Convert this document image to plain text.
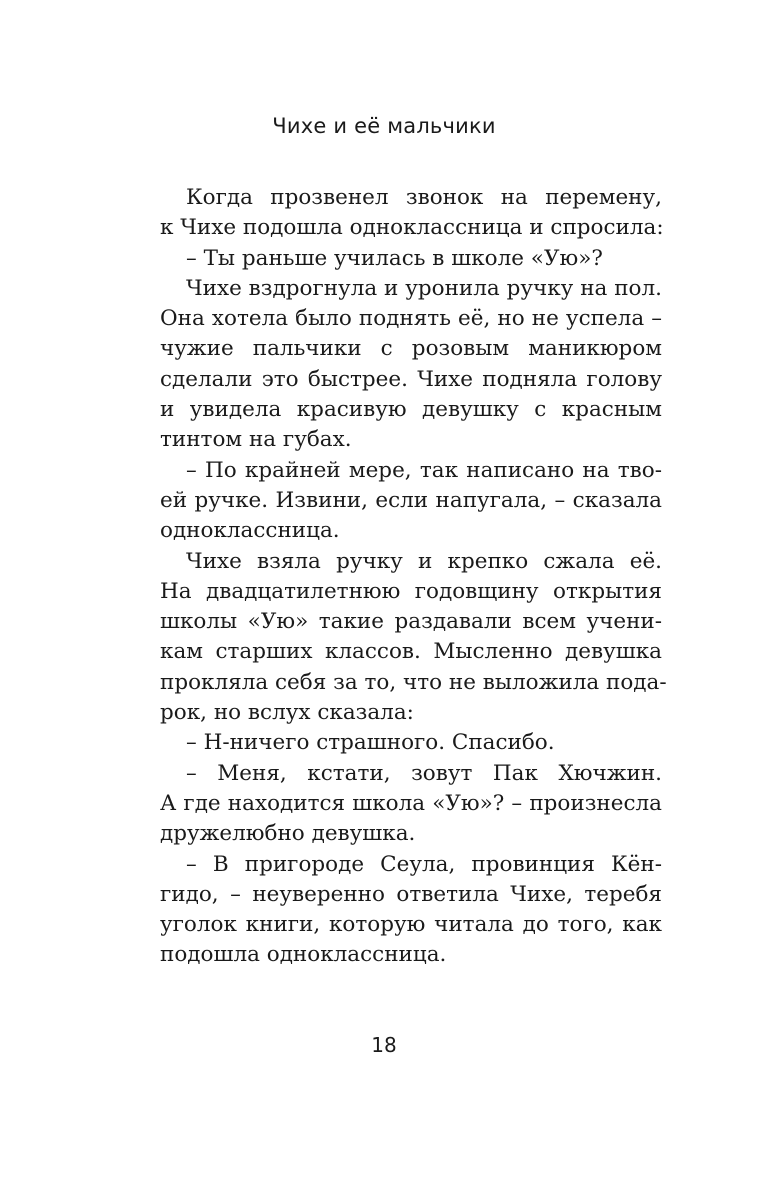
Чихе и её мальчики
Когда прозвенел звонок на перемену,
к Чихе подошла одноклассница и спросила:
– Ты раньше училась в школе «Ую»?
Чихе вздрогнула и уронила ручку на пол.
Она хотела было поднять её, но не успела –
чужие пальчики с розовым маникюром
сделали это быстрее. Чихе подняла голову
и увидела красивую девушку с красным
тинтом на губах.
– По крайней мере, так написано на тво-
ей ручке. Извини, если напугала, – сказала
одноклассница.
Чихе взяла ручку и крепко сжала её.
На двадцатилетнюю годовщину открытия
школы «Ую» такие раздавали всем учени-
кам старших классов. Мысленно девушка
прокляла себя за то, что не выложила пода-
рок, но вслух сказала:
– Н-ничего страшного. Спасибо.
– Меня, кстати, зовут Пак Хючжин.
А где находится школа «Ую»? – произнесла
дружелюбно девушка.
– В пригороде Сеула, провинция Кён-
гидо, – неуверенно ответила Чихе, теребя
уголок книги, которую читала до того, как
подошла одноклассница.
18
